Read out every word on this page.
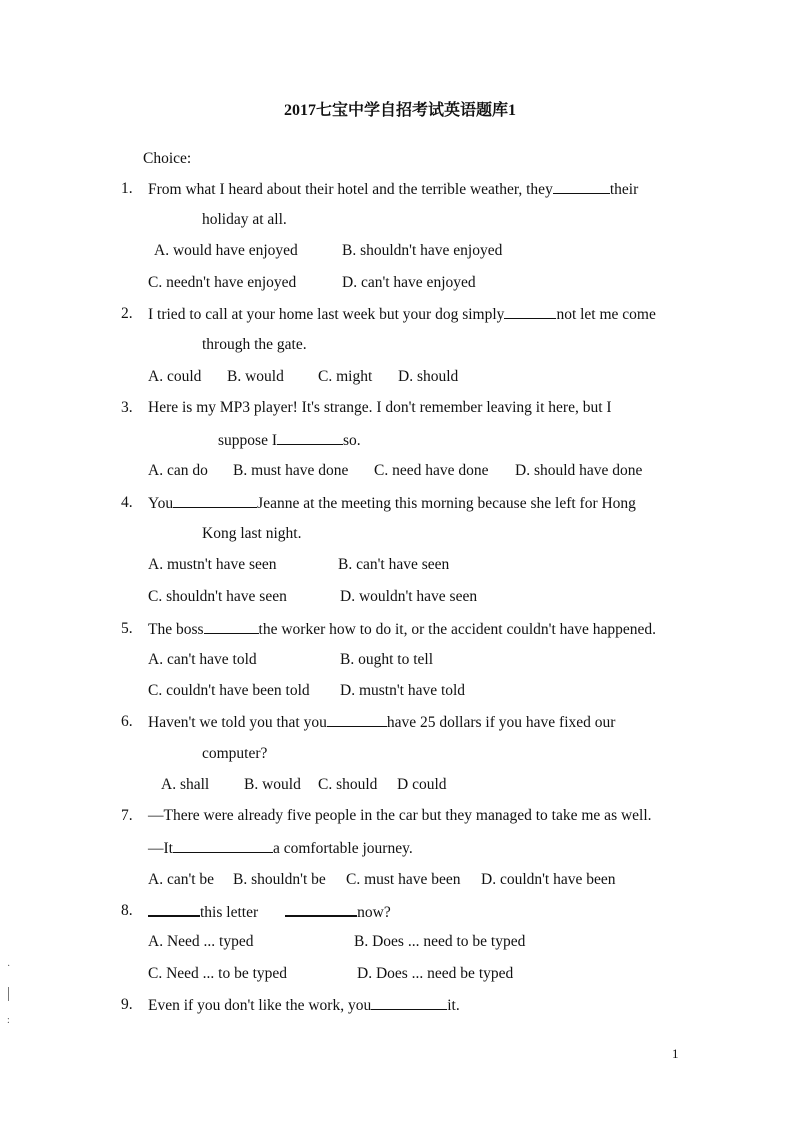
2017七宝中学自招考试英语题库1
Choice:
1. From what I heard about their hotel and the terrible weather, they	their
holiday at all.
A. would have enjoyed	B. shouldn't have enjoyed
C. needn't have enjoyed	D. can't have enjoyed
2. I tried to call at your home last week but your dog simply	not let me come
through the gate.
A. could B. would C. might D. should
3. Here is my MP3 player! It's strange. I don't remember leaving it here, but I
suppose I	so.
A. can do B. must have done C. need have done D. should have done
4. You	Jeanne at the meeting this morning because she left for Hong
Kong last night.
A. mustn't have seen	B. can't have seen
C. shouldn't have seen	D. wouldn't have seen
5. The boss	the worker how to do it, or the accident couldn't have happened.
A. can't have told	B. ought to tell
C. couldn't have been told D. mustn't have told
6. Haven't we told you that you	have 25 dollars if you have fixed our
computer?
A. shall B. would C. should D could
7. —There were already five people in the car but they managed to take me as well.
—It	a comfortable journey.
A. can't be B. shouldn't be C. must have been D. couldn't have been
8.	this letter	now?
A. Need ... typed	B. Does ... need to be typed
C. Need ... to be typed	D. Does ... need be typed
9. Even if you don't like the work, you	it.
·
:
1
